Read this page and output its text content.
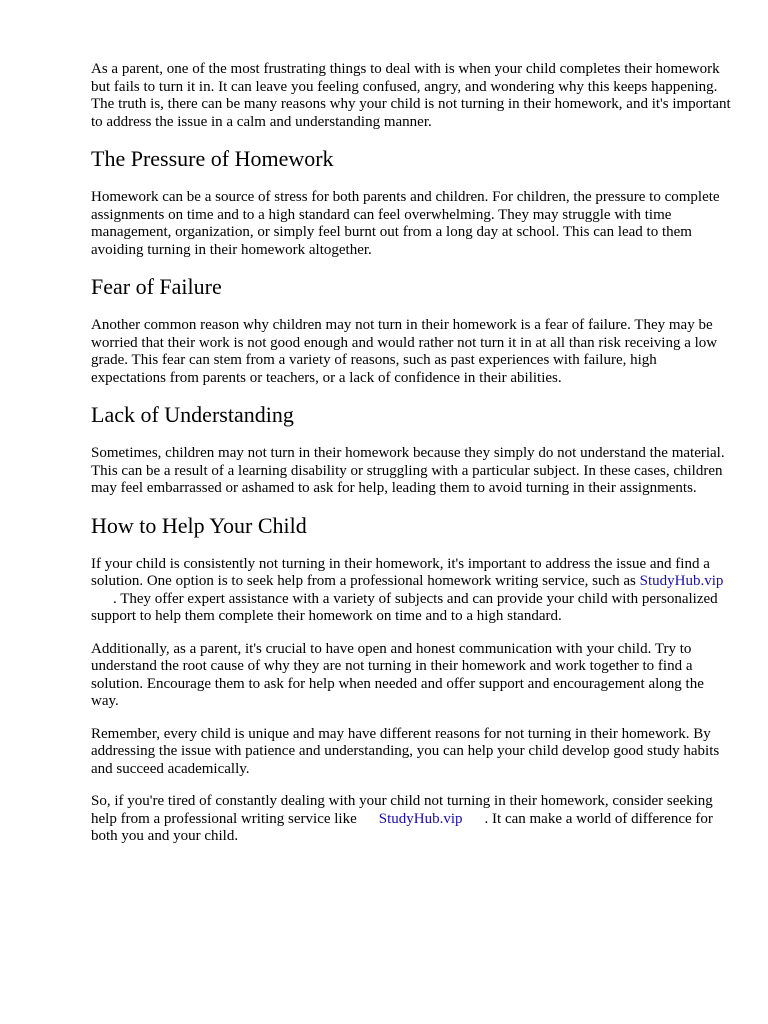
As a parent, one of the most frustrating things to deal with is when your child completes their homework but fails to turn it in. It can leave you feeling confused, angry, and wondering why this keeps happening. The truth is, there can be many reasons why your child is not turning in their homework, and it's important to address the issue in a calm and understanding manner.

The Pressure of Homework

Homework can be a source of stress for both parents and children. For children, the pressure to complete assignments on time and to a high standard can feel overwhelming. They may struggle with time management, organization, or simply feel burnt out from a long day at school. This can lead to them avoiding turning in their homework altogether.

Fear of Failure

Another common reason why children may not turn in their homework is a fear of failure. They may be worried that their work is not good enough and would rather not turn it in at all than risk receiving a low grade. This fear can stem from a variety of reasons, such as past experiences with failure, high expectations from parents or teachers, or a lack of confidence in their abilities.

Lack of Understanding

Sometimes, children may not turn in their homework because they simply do not understand the material. This can be a result of a learning disability or struggling with a particular subject. In these cases, children may feel embarrassed or ashamed to ask for help, leading them to avoid turning in their assignments.

How to Help Your Child

If your child is consistently not turning in their homework, it's important to address the issue and find a solution. One option is to seek help from a professional homework writing service, such as StudyHub.vip. They offer expert assistance with a variety of subjects and can provide your child with personalized support to help them complete their homework on time and to a high standard.

Additionally, as a parent, it's crucial to have open and honest communication with your child. Try to understand the root cause of why they are not turning in their homework and work together to find a solution. Encourage them to ask for help when needed and offer support and encouragement along the way.

Remember, every child is unique and may have different reasons for not turning in their homework. By addressing the issue with patience and understanding, you can help your child develop good study habits and succeed academically.

So, if you're tired of constantly dealing with your child not turning in their homework, consider seeking help from a professional writing service like StudyHub.vip . It can make a world of difference for both you and your child.
